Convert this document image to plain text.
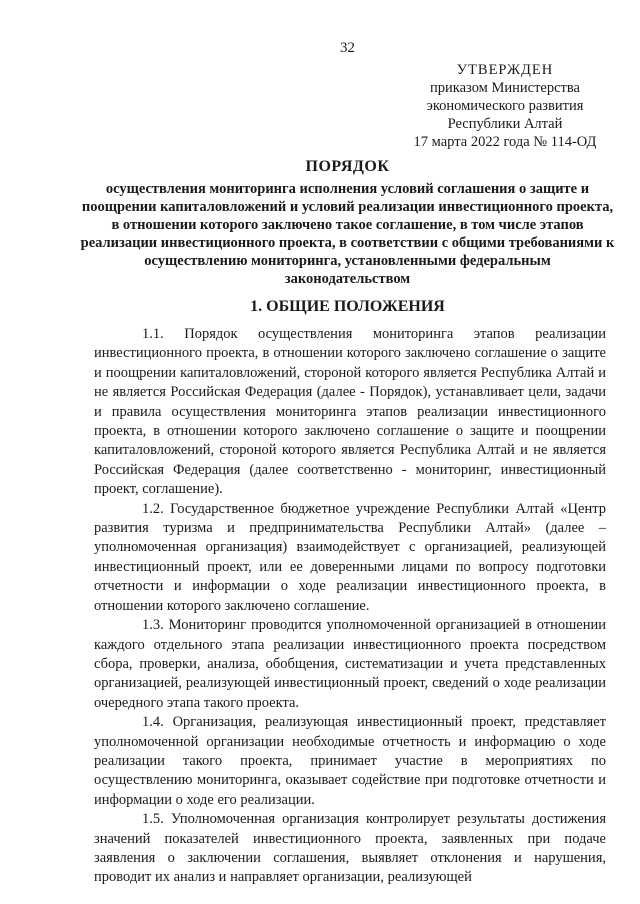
32
УТВЕРЖДЕН
приказом Министерства
экономического развития
Республики Алтай
17 марта 2022 года № 114-ОД
ПОРЯДОК
осуществления мониторинга исполнения условий соглашения о защите и поощрении капиталовложений и условий реализации инвестиционного проекта, в отношении которого заключено такое соглашение, в том числе этапов реализации инвестиционного проекта, в соответствии с общими требованиями к осуществлению мониторинга, установленными федеральным законодательством
1. ОБЩИЕ ПОЛОЖЕНИЯ

1.1. Порядок осуществления мониторинга этапов реализации инвестиционного проекта, в отношении которого заключено соглашение о защите и поощрении капиталовложений, стороной которого является Республика Алтай и не является Российская Федерация (далее - Порядок), устанавливает цели, задачи и правила осуществления мониторинга этапов реализации инвестиционного проекта, в отношении которого заключено соглашение о защите и поощрении капиталовложений, стороной которого является Республика Алтай и не является Российская Федерация (далее соответственно - мониторинг, инвестиционный проект, соглашение).

1.2. Государственное бюджетное учреждение Республики Алтай «Центр развития туризма и предпринимательства Республики Алтай» (далее – уполномоченная организация) взаимодействует с организацией, реализующей инвестиционный проект, или ее доверенными лицами по вопросу подготовки отчетности и информации о ходе реализации инвестиционного проекта, в отношении которого заключено соглашение.

1.3. Мониторинг проводится уполномоченной организацией в отношении каждого отдельного этапа реализации инвестиционного проекта посредством сбора, проверки, анализа, обобщения, систематизации и учета представленных организацией, реализующей инвестиционный проект, сведений о ходе реализации очередного этапа такого проекта.

1.4. Организация, реализующая инвестиционный проект, представляет уполномоченной организации необходимые отчетность и информацию о ходе реализации такого проекта, принимает участие в мероприятиях по осуществлению мониторинга, оказывает содействие при подготовке отчетности и информации о ходе его реализации.

1.5. Уполномоченная организация контролирует результаты достижения значений показателей инвестиционного проекта, заявленных при подаче заявления о заключении соглашения, выявляет отклонения и нарушения, проводит их анализ и направляет организации, реализующей
